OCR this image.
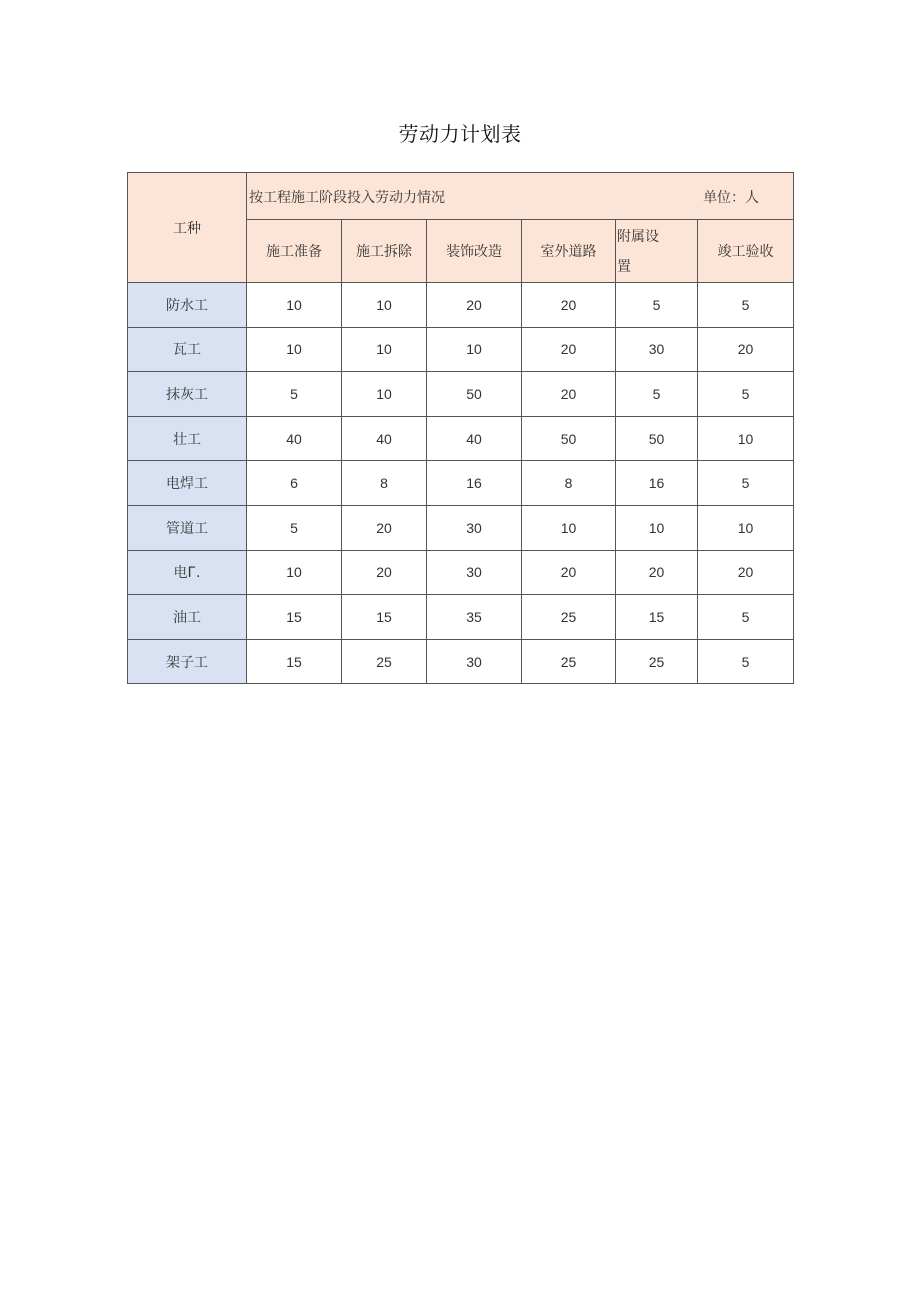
劳动力计划表
工种	按工程施工阶段投入劳动力情况 单位：人					

	施工准备	施工拆除	装饰改造	室外道路	附属设置	竣工验收
防水工	10	10	20	20	5	5
瓦工	10	10	10	20	30	20
抹灰工	5	10	50	20	5	5
壮工	40	40	40	50	50	10
电焊工	6	8	16	8	16	5
管道工	5	20	30	10	10	10
电Г.	10	20	30	20	20	20
油工	15	15	35	25	15	5
架子工	15	25	30	25	25	5
